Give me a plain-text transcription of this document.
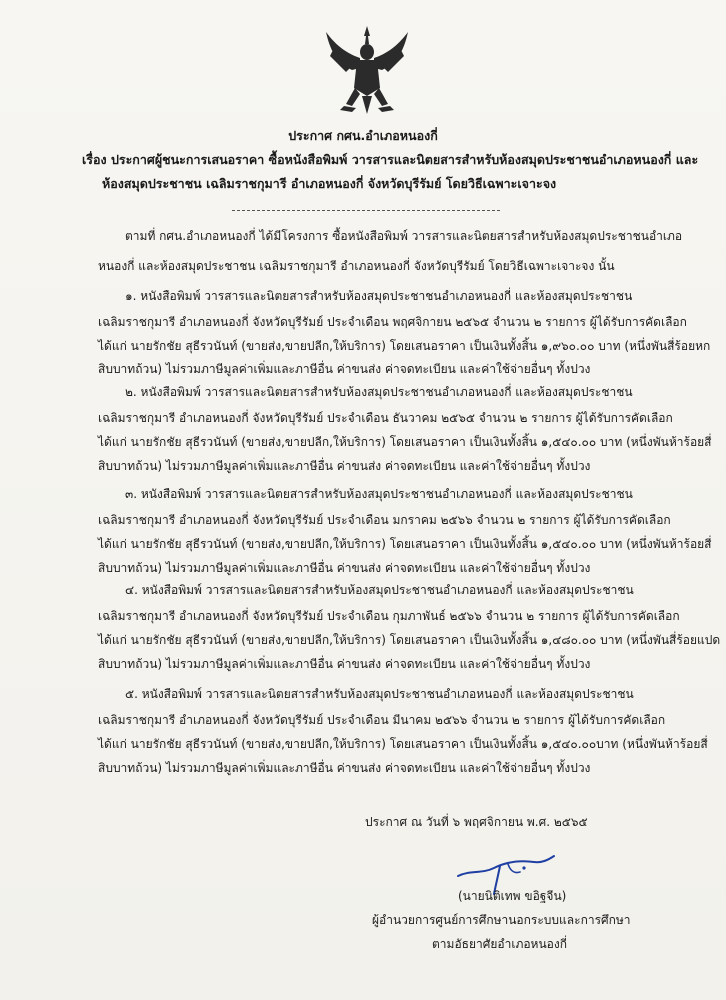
ประกาศ กศน.อำเภอหนองกี่
เรื่อง ประกาศผู้ชนะการเสนอราคา ซื้อหนังสือพิมพ์ วารสารและนิตยสารสำหรับห้องสมุดประชาชนอำเภอหนองกี่ และ
ห้องสมุดประชาชน เฉลิมราชกุมารี อำเภอหนองกี่ จังหวัดบุรีรัมย์ โดยวิธีเฉพาะเจาะจง
ตามที่ กศน.อำเภอหนองกี่ ได้มีโครงการ ซื้อหนังสือพิมพ์ วารสารและนิตยสารสำหรับห้องสมุดประชาชนอำเภอ
หนองกี่ และห้องสมุดประชาชน เฉลิมราชกุมารี อำเภอหนองกี่ จังหวัดบุรีรัมย์ โดยวิธีเฉพาะเจาะจง นั้น
๑. หนังสือพิมพ์ วารสารและนิตยสารสำหรับห้องสมุดประชาชนอำเภอหนองกี่ และห้องสมุดประชาชน
เฉลิมราชกุมารี อำเภอหนองกี่ จังหวัดบุรีรัมย์ ประจำเดือน พฤศจิกายน ๒๕๖๕ จำนวน ๒ รายการ ผู้ได้รับการคัดเลือก
ได้แก่ นายรักชัย สุธีรวนันท์ (ขายส่ง,ขายปลีก,ให้บริการ) โดยเสนอราคา เป็นเงินทั้งสิ้น ๑,๙๖๐.๐๐ บาท (หนึ่งพันสี่ร้อยหก
สิบบาทถ้วน) ไม่รวมภาษีมูลค่าเพิ่มและภาษีอื่น ค่าขนส่ง ค่าจดทะเบียน และค่าใช้จ่ายอื่นๆ ทั้งปวง
๒. หนังสือพิมพ์ วารสารและนิตยสารสำหรับห้องสมุดประชาชนอำเภอหนองกี่ และห้องสมุดประชาชน
เฉลิมราชกุมารี อำเภอหนองกี่ จังหวัดบุรีรัมย์ ประจำเดือน ธันวาคม ๒๕๖๕ จำนวน ๒ รายการ ผู้ได้รับการคัดเลือก
ได้แก่ นายรักชัย สุธีรวนันท์ (ขายส่ง,ขายปลีก,ให้บริการ) โดยเสนอราคา เป็นเงินทั้งสิ้น ๑,๕๔๐.๐๐ บาท (หนึ่งพันห้าร้อยสี่
สิบบาทถ้วน) ไม่รวมภาษีมูลค่าเพิ่มและภาษีอื่น ค่าขนส่ง ค่าจดทะเบียน และค่าใช้จ่ายอื่นๆ ทั้งปวง
๓. หนังสือพิมพ์ วารสารและนิตยสารสำหรับห้องสมุดประชาชนอำเภอหนองกี่ และห้องสมุดประชาชน
เฉลิมราชกุมารี อำเภอหนองกี่ จังหวัดบุรีรัมย์ ประจำเดือน มกราคม ๒๕๖๖ จำนวน ๒ รายการ ผู้ได้รับการคัดเลือก
ได้แก่ นายรักชัย สุธีรวนันท์ (ขายส่ง,ขายปลีก,ให้บริการ) โดยเสนอราคา เป็นเงินทั้งสิ้น ๑,๕๔๐.๐๐ บาท (หนึ่งพันห้าร้อยสี่
สิบบาทถ้วน) ไม่รวมภาษีมูลค่าเพิ่มและภาษีอื่น ค่าขนส่ง ค่าจดทะเบียน และค่าใช้จ่ายอื่นๆ ทั้งปวง
๔. หนังสือพิมพ์ วารสารและนิตยสารสำหรับห้องสมุดประชาชนอำเภอหนองกี่ และห้องสมุดประชาชน
เฉลิมราชกุมารี อำเภอหนองกี่ จังหวัดบุรีรัมย์ ประจำเดือน กุมภาพันธ์ ๒๕๖๖ จำนวน ๒ รายการ ผู้ได้รับการคัดเลือก
ได้แก่ นายรักชัย สุธีรวนันท์ (ขายส่ง,ขายปลีก,ให้บริการ) โดยเสนอราคา เป็นเงินทั้งสิ้น ๑,๔๘๐.๐๐ บาท (หนึ่งพันสี่ร้อยแปด
สิบบาทถ้วน) ไม่รวมภาษีมูลค่าเพิ่มและภาษีอื่น ค่าขนส่ง ค่าจดทะเบียน และค่าใช้จ่ายอื่นๆ ทั้งปวง
๕. หนังสือพิมพ์ วารสารและนิตยสารสำหรับห้องสมุดประชาชนอำเภอหนองกี่ และห้องสมุดประชาชน
เฉลิมราชกุมารี อำเภอหนองกี่ จังหวัดบุรีรัมย์ ประจำเดือน มีนาคม ๒๕๖๖ จำนวน ๒ รายการ ผู้ได้รับการคัดเลือก
ได้แก่ นายรักชัย สุธีรวนันท์ (ขายส่ง,ขายปลีก,ให้บริการ) โดยเสนอราคา เป็นเงินทั้งสิ้น ๑,๕๔๐.๐๐บาท (หนึ่งพันห้าร้อยสี่
สิบบาทถ้วน) ไม่รวมภาษีมูลค่าเพิ่มและภาษีอื่น ค่าขนส่ง ค่าจดทะเบียน และค่าใช้จ่ายอื่นๆ ทั้งปวง
ประกาศ ณ วันที่ ๖ พฤศจิกายน พ.ศ. ๒๕๖๕
(นายนิติเทพ ขอิฐจีน)
ผู้อำนวยการศูนย์การศึกษานอกระบบและการศึกษา
ตามอัธยาศัยอำเภอหนองกี่
